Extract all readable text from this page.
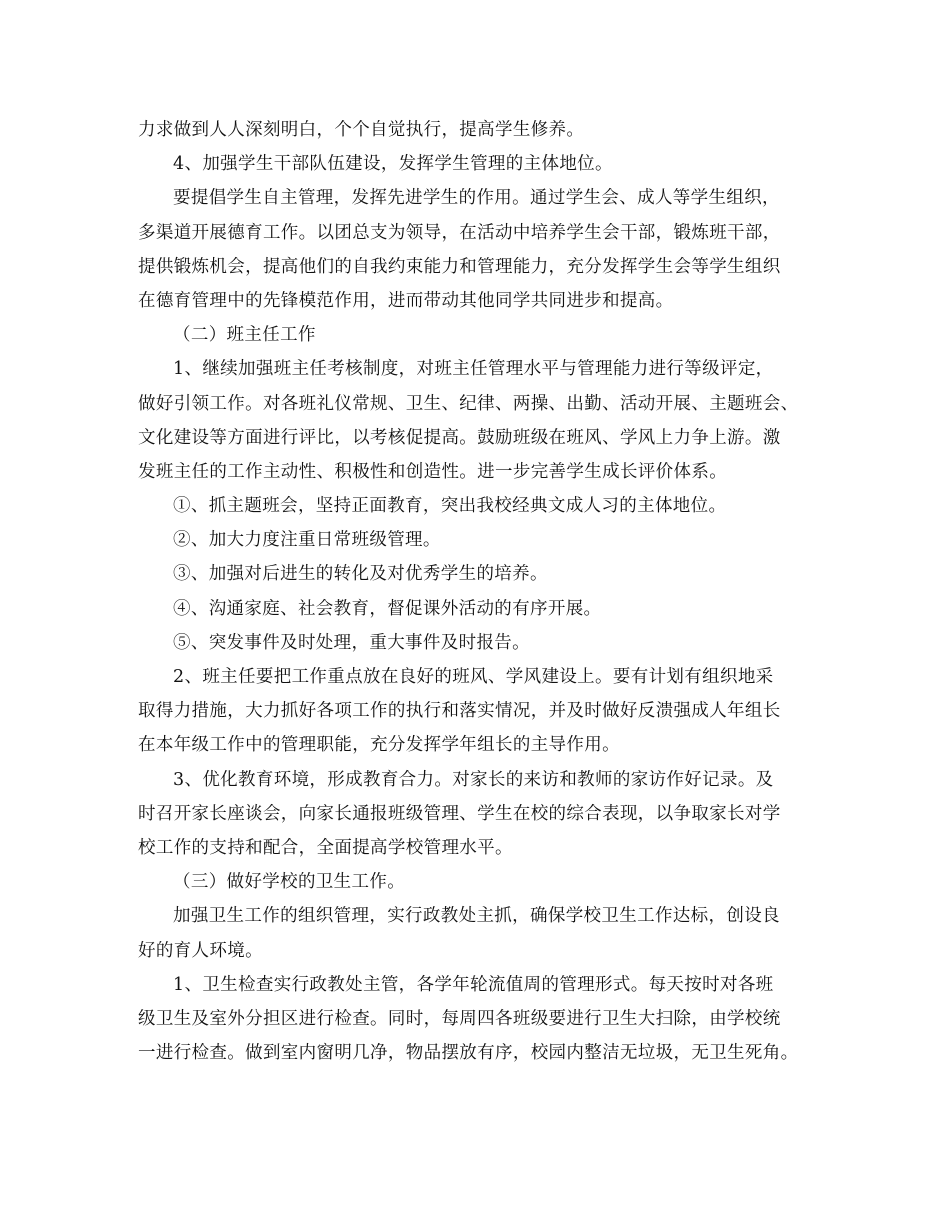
力求做到人人深刻明白，个个自觉执行，提高学生修养。
4、加强学生干部队伍建设，发挥学生管理的主体地位。
要提倡学生自主管理，发挥先进学生的作用。通过学生会、成人等学生组织，
多渠道开展德育工作。以团总支为领导，在活动中培养学生会干部，锻炼班干部，
提供锻炼机会，提高他们的自我约束能力和管理能力，充分发挥学生会等学生组织
在德育管理中的先锋模范作用，进而带动其他同学共同进步和提高。
（二）班主任工作
1、继续加强班主任考核制度，对班主任管理水平与管理能力进行等级评定，
做好引领工作。对各班礼仪常规、卫生、纪律、两操、出勤、活动开展、主题班会、
文化建设等方面进行评比，以考核促提高。鼓励班级在班风、学风上力争上游。激
发班主任的工作主动性、积极性和创造性。进一步完善学生成长评价体系。
①、抓主题班会，坚持正面教育，突出我校经典文成人习的主体地位。
②、加大力度注重日常班级管理。
③、加强对后进生的转化及对优秀学生的培养。
④、沟通家庭、社会教育，督促课外活动的有序开展。
⑤、突发事件及时处理，重大事件及时报告。
2、班主任要把工作重点放在良好的班风、学风建设上。要有计划有组织地采
取得力措施，大力抓好各项工作的执行和落实情况，并及时做好反溃强成人年组长
在本年级工作中的管理职能，充分发挥学年组长的主导作用。
3、优化教育环境，形成教育合力。对家长的来访和教师的家访作好记录。及
时召开家长座谈会，向家长通报班级管理、学生在校的综合表现，以争取家长对学
校工作的支持和配合，全面提高学校管理水平。
（三）做好学校的卫生工作。
加强卫生工作的组织管理，实行政教处主抓，确保学校卫生工作达标，创设良
好的育人环境。
1、卫生检查实行政教处主管，各学年轮流值周的管理形式。每天按时对各班
级卫生及室外分担区进行检查。同时，每周四各班级要进行卫生大扫除，由学校统
一进行检查。做到室内窗明几净，物品摆放有序，校园内整洁无垃圾，无卫生死角。
